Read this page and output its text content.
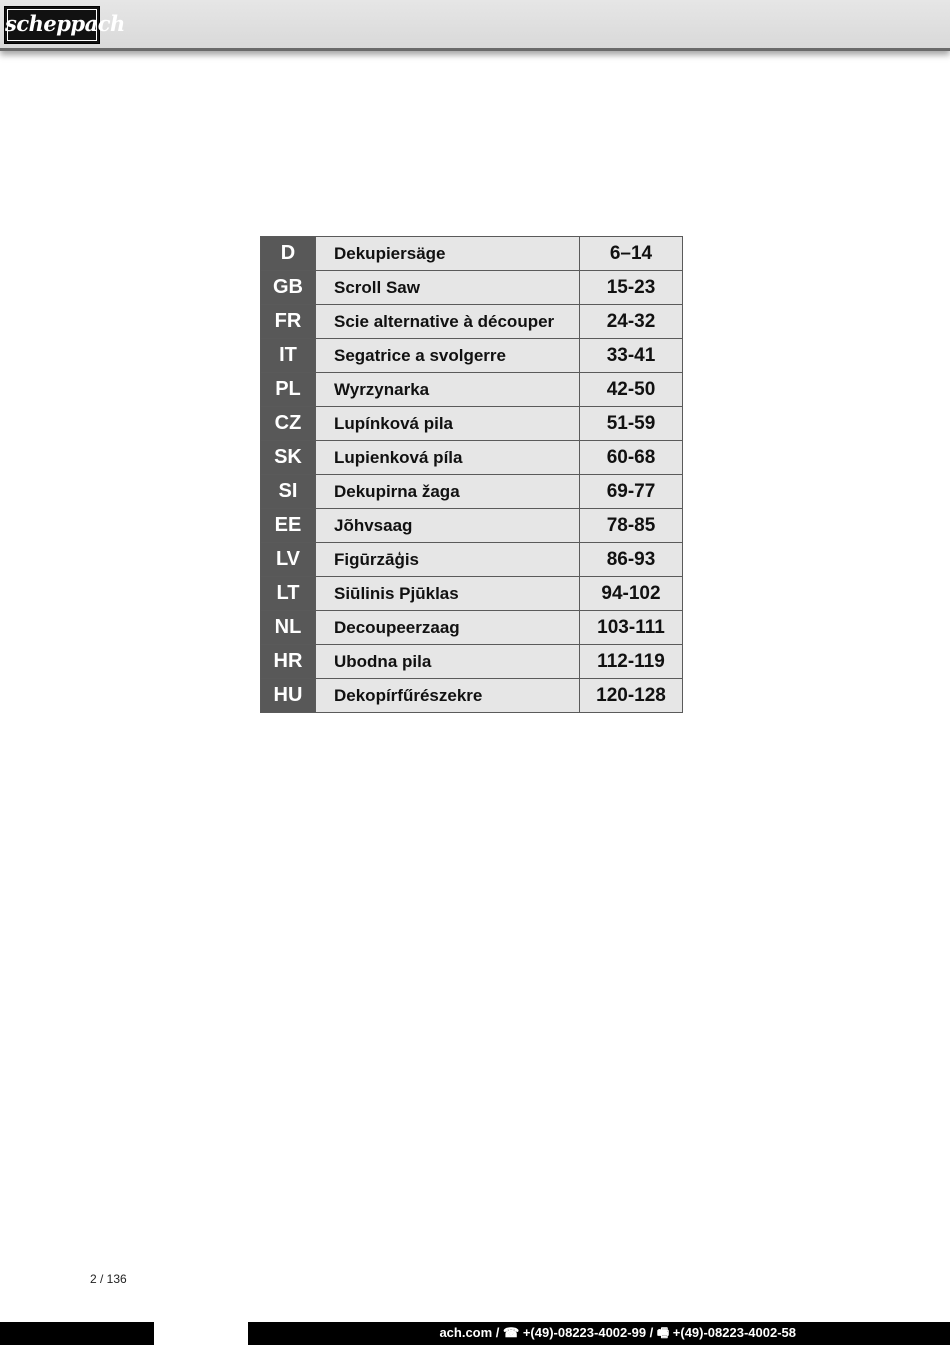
scheppach
D	Dekupiersäge	6–14
GB	Scroll Saw	15-23
FR	Scie alternative à découper	24-32
IT	Segatrice a svolgerre	33-41
PL	Wyrzynarka	42-50
CZ	Lupínková pila	51-59
SK	Lupienková píla	60-68
SI	Dekupirna žaga	69-77
EE	Jõhvsaag	78-85
LV	Figūrzāģis	86-93
LT	Siūlinis Pjūklas	94-102
NL	Decoupeerzaag	103-111
HR	Ubodna pila	112-119
HU	Dekopírfűrészekre	120-128
2 / 136
ach.com / ☎ +(49)-08223-4002-99 / 🖷 +(49)-08223-4002-58
